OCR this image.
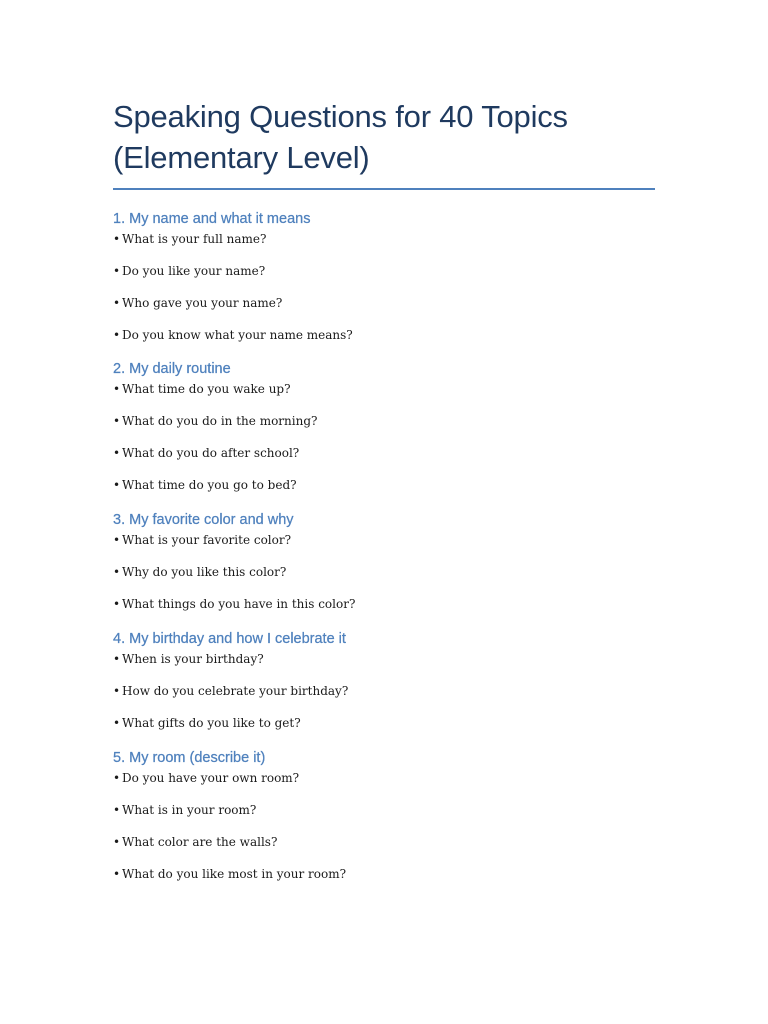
Speaking Questions for 40 Topics
(Elementary Level)
1. My name and what it means
• What is your full name?
• Do you like your name?
• Who gave you your name?
• Do you know what your name means?
2. My daily routine
• What time do you wake up?
• What do you do in the morning?
• What do you do after school?
• What time do you go to bed?
3. My favorite color and why
• What is your favorite color?
• Why do you like this color?
• What things do you have in this color?
4. My birthday and how I celebrate it
• When is your birthday?
• How do you celebrate your birthday?
• What gifts do you like to get?
5. My room (describe it)
• Do you have your own room?
• What is in your room?
• What color are the walls?
• What do you like most in your room?
